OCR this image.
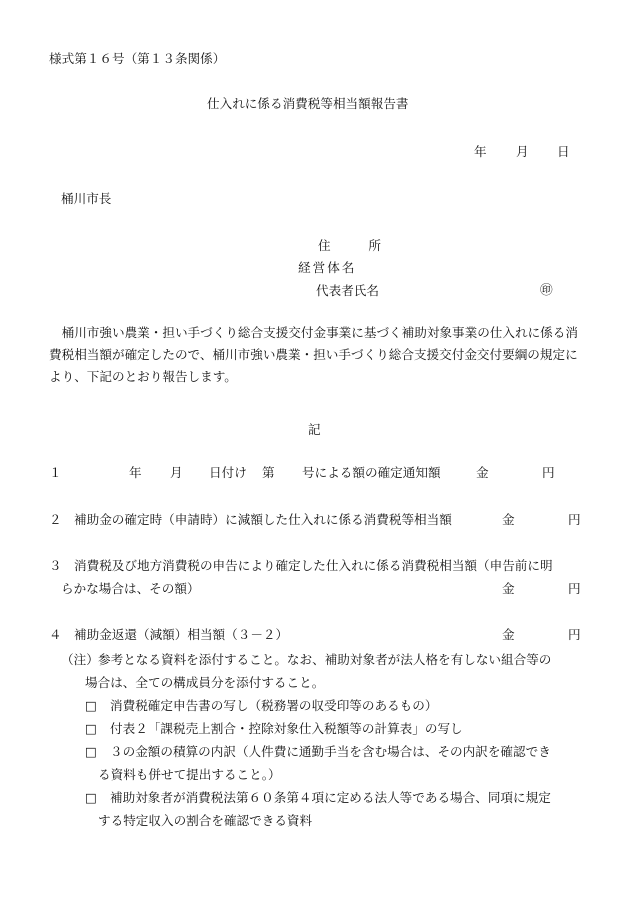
様式第１６号（第１３条関係）
仕入れに係る消費税等相当額報告書
年 月 日
桶川市長
住　　　所
経営体名
代表者氏名	㊞
　桶川市強い農業・担い手づくり総合支援交付金事業に基づく補助対象事業の仕入れに係る消費税相当額が確定したので、桶川市強い農業・担い手づくり総合支援交付金交付要綱の規定により、下記のとおり報告します。
記
１	年 月 日付け 第 号による額の確定通知額	金	円
２ 補助金の確定時（申請時）に減額した仕入れに係る消費税等相当額	金	円
３ 消費税及び地方消費税の申告により確定した仕入れに係る消費税相当額（申告前に明
らかな場合は、その額）	金	円
４ 補助金返還（減額）相当額（３－２）	金	円
（注） 参考となる資料を添付すること。なお、補助対象者が法人格を有しない組合等の
場合は、全ての構成員分を添付すること。
□ 消費税確定申告書の写し（税務署の収受印等のあるもの）
□ 付表２「課税売上割合・控除対象仕入税額等の計算表」の写し
□ ３の金額の積算の内訳（人件費に通勤手当を含む場合は、その内訳を確認でき
る資料も併せて提出すること。）
□ 補助対象者が消費税法第６０条第４項に定める法人等である場合、同項に規定
する特定収入の割合を確認できる資料
